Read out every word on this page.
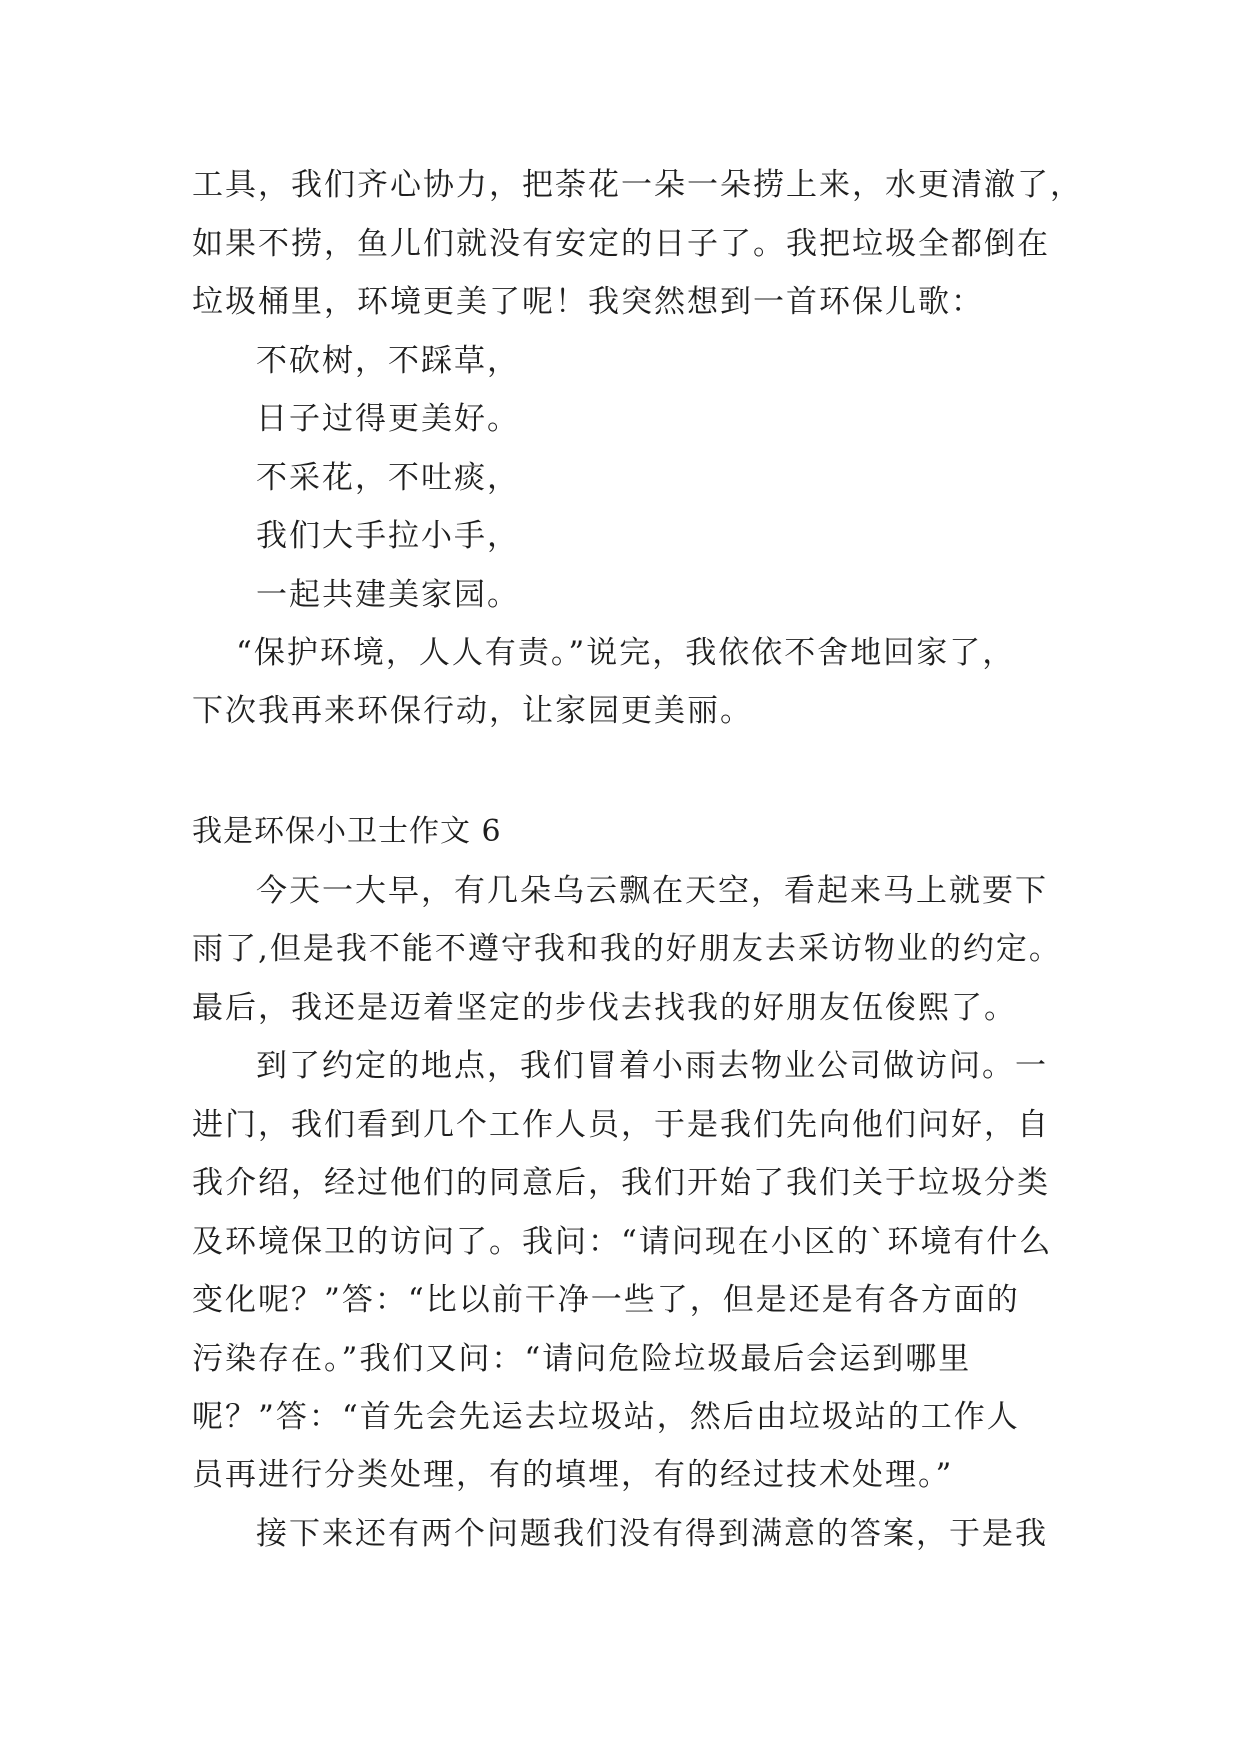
工具，我们齐心协力，把荼花一朵一朵捞上来，水更清澈了，
如果不捞，鱼儿们就没有安定的日子了。我把垃圾全都倒在
垃圾桶里，环境更美了呢！我突然想到一首环保儿歌：
不砍树，不踩草，
日子过得更美好。
不采花，不吐痰，
我们大手拉小手，
一起共建美家园。
“保护环境，人人有责。”说完，我依依不舍地回家了，
下次我再来环保行动，让家园更美丽。
我是环保小卫士作文 6
今天一大早，有几朵乌云飘在天空，看起来马上就要下
雨了,但是我不能不遵守我和我的好朋友去采访物业的约定。
最后，我还是迈着坚定的步伐去找我的好朋友伍俊熙了。
到了约定的地点，我们冒着小雨去物业公司做访问。一
进门，我们看到几个工作人员，于是我们先向他们问好，自
我介绍，经过他们的同意后，我们开始了我们关于垃圾分类
及环境保卫的访问了。我问：“请问现在小区的`环境有什么
变化呢？”答：“比以前干净一些了，但是还是有各方面的
污染存在。”我们又问：“请问危险垃圾最后会运到哪里
呢？”答：“首先会先运去垃圾站，然后由垃圾站的工作人
员再进行分类处理，有的填埋，有的经过技术处理。”
接下来还有两个问题我们没有得到满意的答案，于是我
